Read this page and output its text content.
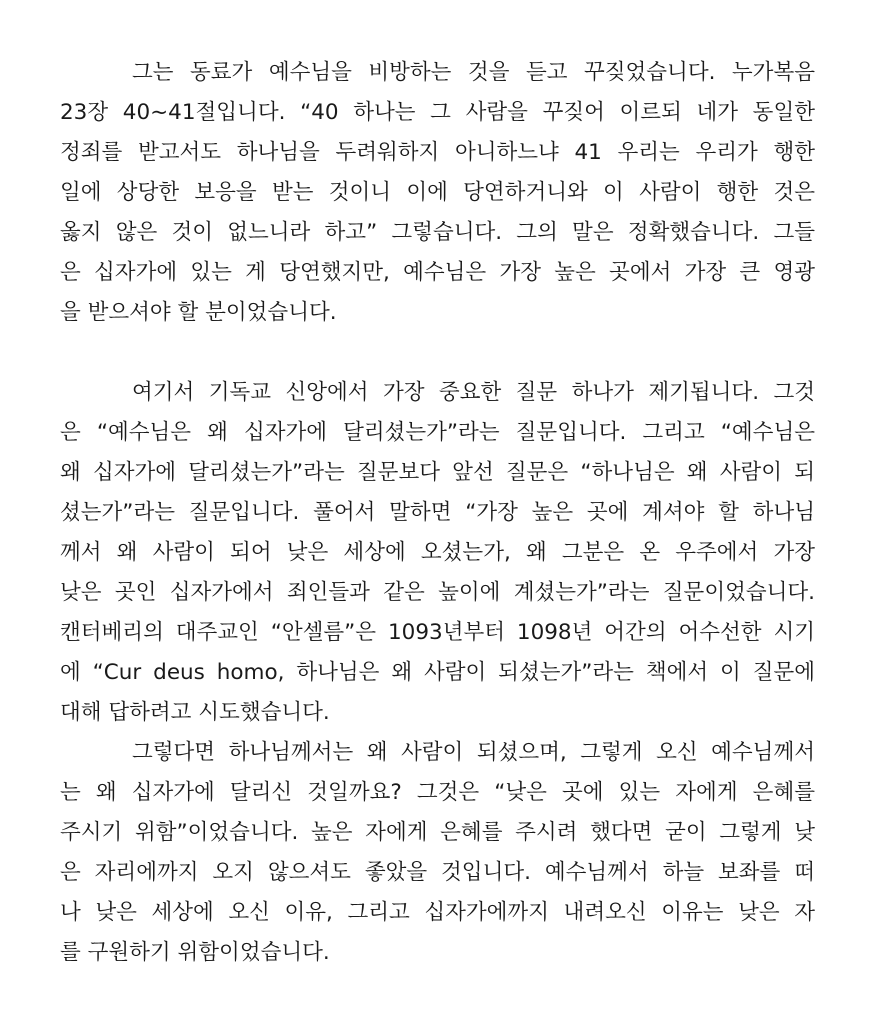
그는 동료가 예수님을 비방하는 것을 듣고 꾸짖었습니다. 누가복음
23장 40~41절입니다. “40 하나는 그 사람을 꾸짖어 이르되 네가 동일한
정죄를 받고서도 하나님을 두려워하지 아니하느냐 41 우리는 우리가 행한
일에 상당한 보응을 받는 것이니 이에 당연하거니와 이 사람이 행한 것은
옳지 않은 것이 없느니라 하고” 그렇습니다. 그의 말은 정확했습니다. 그들
은 십자가에 있는 게 당연했지만, 예수님은 가장 높은 곳에서 가장 큰 영광
을 받으셔야 할 분이었습니다.
여기서 기독교 신앙에서 가장 중요한 질문 하나가 제기됩니다. 그것
은 “예수님은 왜 십자가에 달리셨는가”라는 질문입니다. 그리고 “예수님은
왜 십자가에 달리셨는가”라는 질문보다 앞선 질문은 “하나님은 왜 사람이 되
셨는가”라는 질문입니다. 풀어서 말하면 “가장 높은 곳에 계셔야 할 하나님
께서 왜 사람이 되어 낮은 세상에 오셨는가, 왜 그분은 온 우주에서 가장
낮은 곳인 십자가에서 죄인들과 같은 높이에 계셨는가”라는 질문이었습니다.
캔터베리의 대주교인 “안셀름”은 1093년부터 1098년 어간의 어수선한 시기
에 “Cur deus homo, 하나님은 왜 사람이 되셨는가”라는 책에서 이 질문에
대해 답하려고 시도했습니다.
그렇다면 하나님께서는 왜 사람이 되셨으며, 그렇게 오신 예수님께서
는 왜 십자가에 달리신 것일까요? 그것은 “낮은 곳에 있는 자에게 은혜를
주시기 위함”이었습니다. 높은 자에게 은혜를 주시려 했다면 굳이 그렇게 낮
은 자리에까지 오지 않으셔도 좋았을 것입니다. 예수님께서 하늘 보좌를 떠
나 낮은 세상에 오신 이유, 그리고 십자가에까지 내려오신 이유는 낮은 자
를 구원하기 위함이었습니다.
